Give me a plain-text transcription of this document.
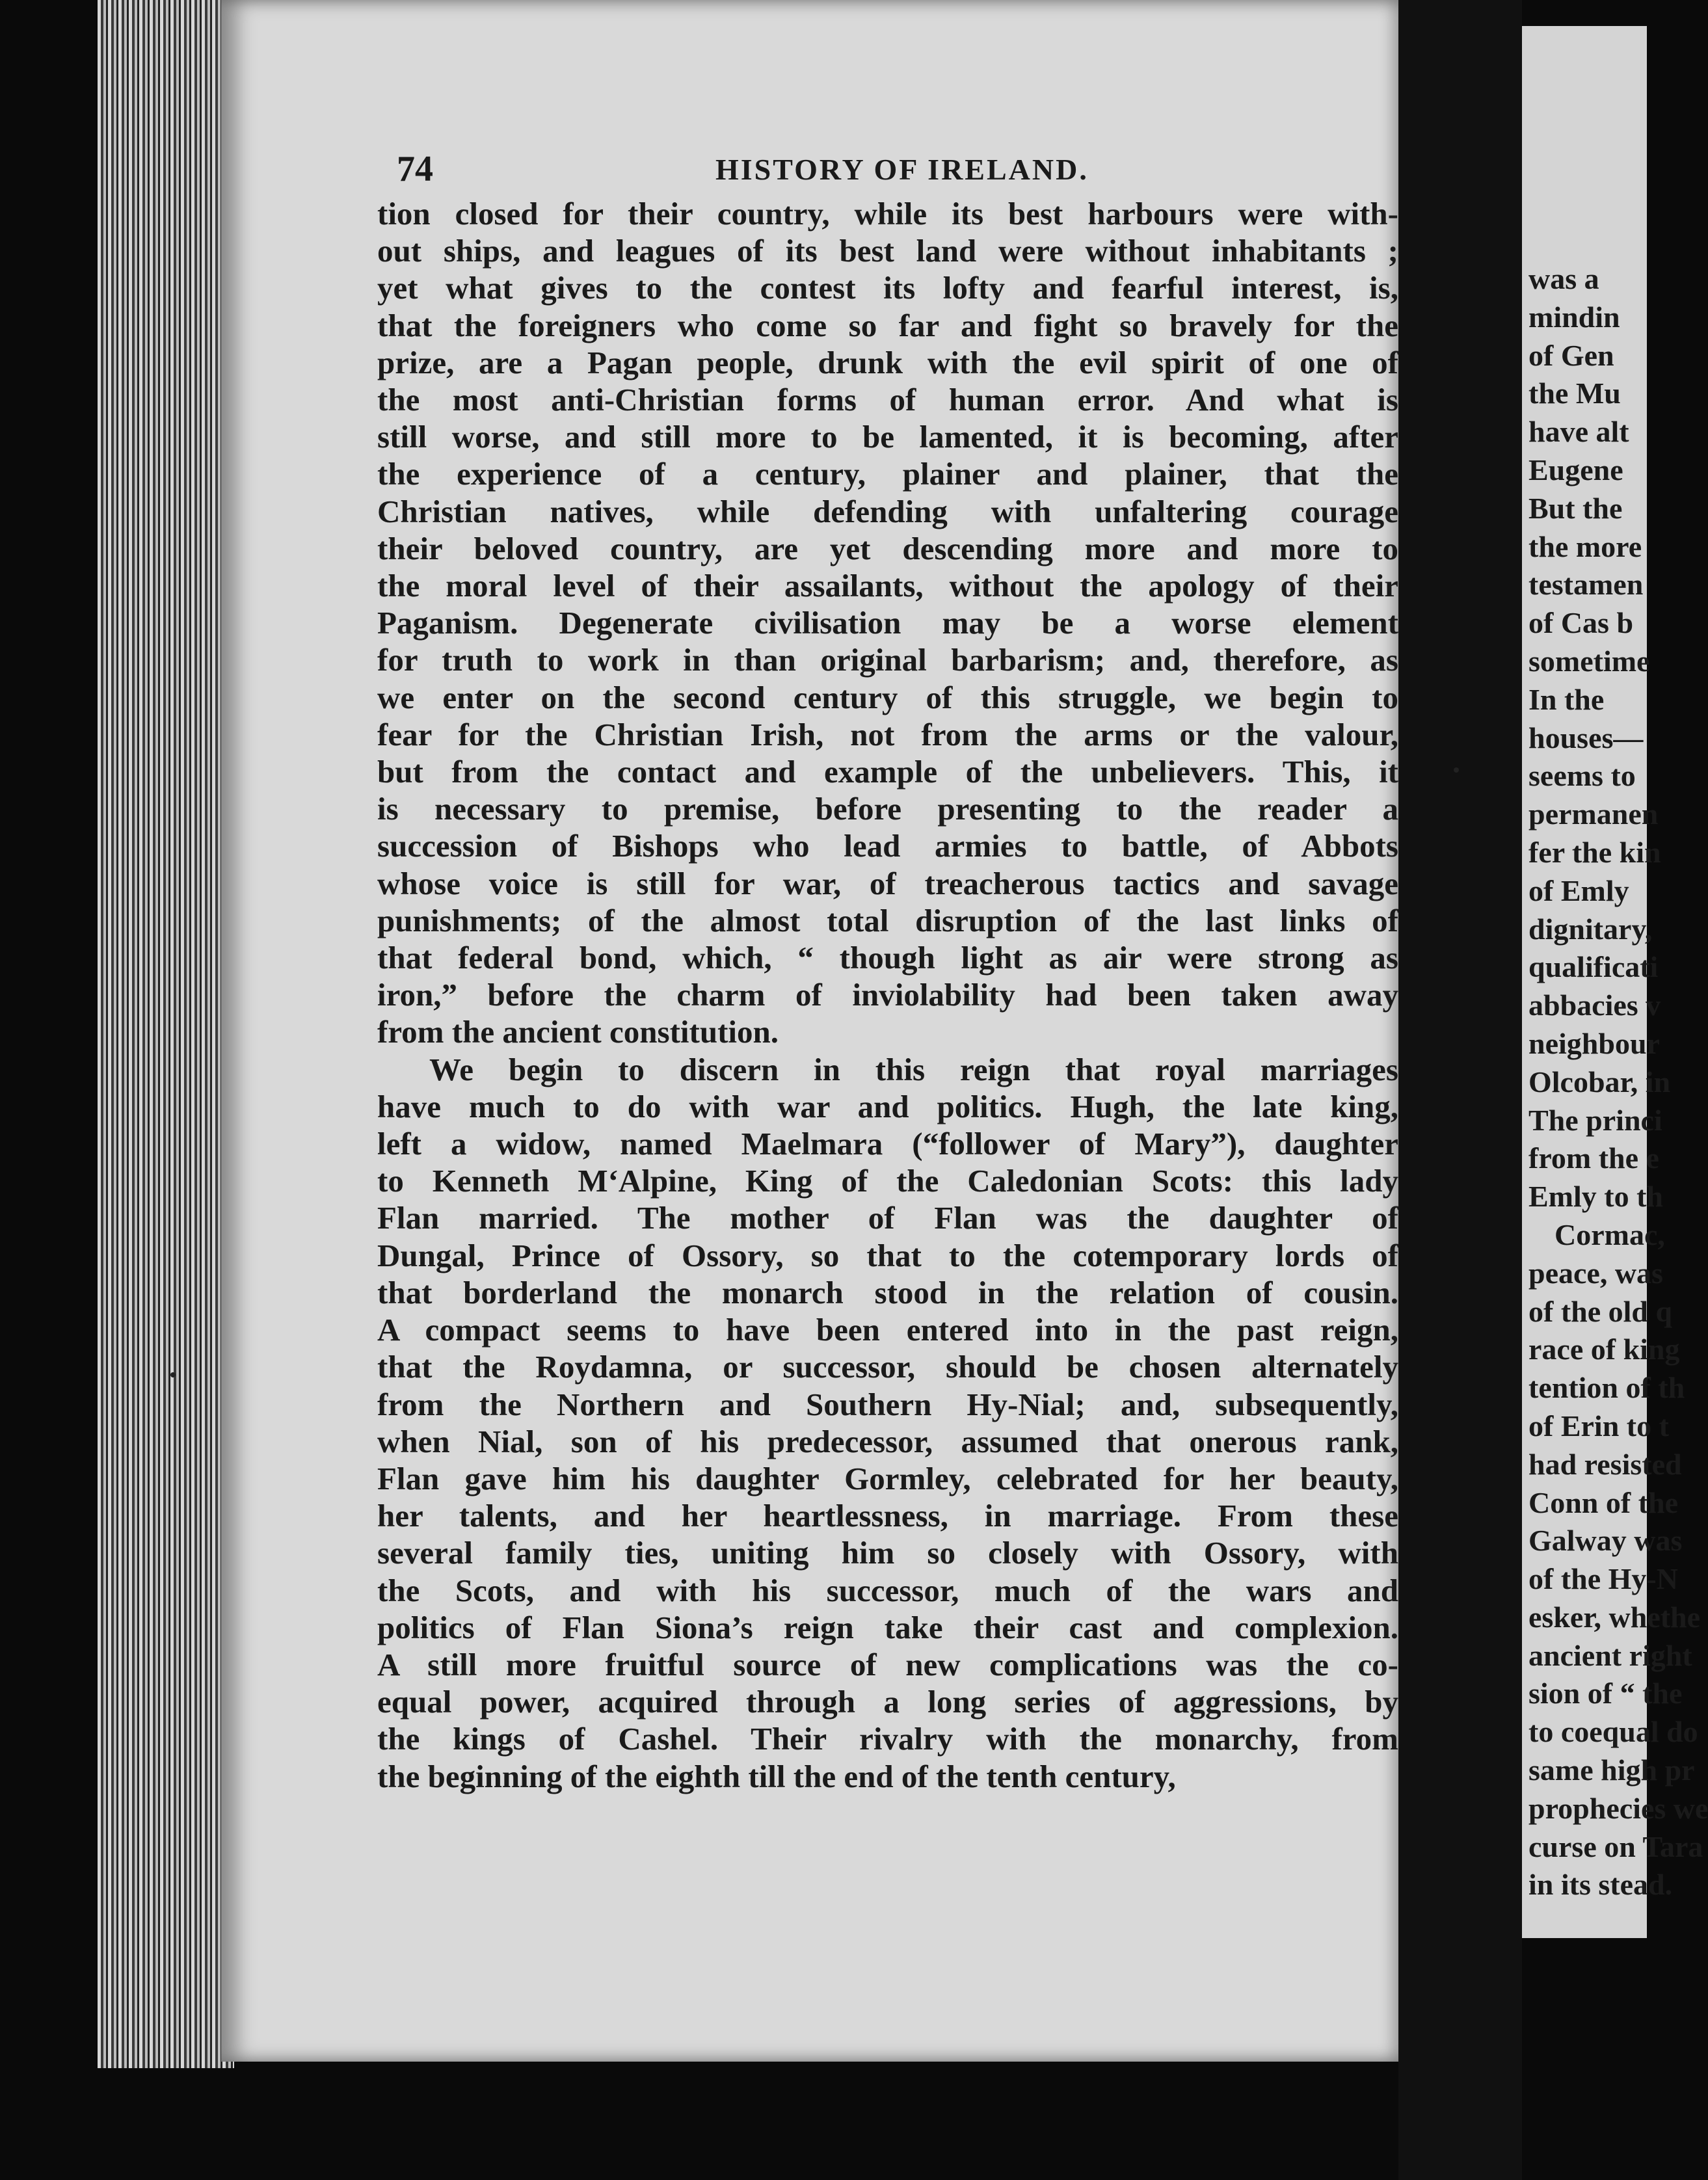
74	HISTORY OF IRELAND.
tion closed for their country, while its best harbours were with-
out ships, and leagues of its best land were without inhabitants ;
yet what gives to the contest its lofty and fearful interest, is,
that the foreigners who come so far and fight so bravely for the
prize, are a Pagan people, drunk with the evil spirit of one of
the most anti-Christian forms of human error. And what is
still worse, and still more to be lamented, it is becoming, after
the experience of a century, plainer and plainer, that the
Christian natives, while defending with unfaltering courage
their beloved country, are yet descending more and more to
the moral level of their assailants, without the apology of their
Paganism. Degenerate civilisation may be a worse element
for truth to work in than original barbarism; and, therefore, as
we enter on the second century of this struggle, we begin to
fear for the Christian Irish, not from the arms or the valour,
but from the contact and example of the unbelievers. This, it
is necessary to premise, before presenting to the reader a
succession of Bishops who lead armies to battle, of Abbots
whose voice is still for war, of treacherous tactics and savage
punishments; of the almost total disruption of the last links of
that federal bond, which, “ though light as air were strong as
iron,” before the charm of inviolability had been taken away
from the ancient constitution.
We begin to discern in this reign that royal marriages
have much to do with war and politics. Hugh, the late king,
left a widow, named Maelmara (“follower of Mary”), daughter
to Kenneth M‘Alpine, King of the Caledonian Scots: this lady
Flan married. The mother of Flan was the daughter of
Dungal, Prince of Ossory, so that to the cotemporary lords of
that borderland the monarch stood in the relation of cousin.
A compact seems to have been entered into in the past reign,
that the Roydamna, or successor, should be chosen alternately
from the Northern and Southern Hy-Nial; and, subsequently,
when Nial, son of his predecessor, assumed that onerous rank,
Flan gave him his daughter Gormley, celebrated for her beauty,
her talents, and her heartlessness, in marriage. From these
several family ties, uniting him so closely with Ossory, with
the Scots, and with his successor, much of the wars and
politics of Flan Siona’s reign take their cast and complexion.
A still more fruitful source of new complications was the co-
equal power, acquired through a long series of aggressions, by
the kings of Cashel. Their rivalry with the monarchy, from
the beginning of the eighth till the end of the tenth century,
was a
mindin
of Gen
the Mu
have alt
Eugene
But the
the more
testamen
of Cas b
sometime
In the
houses—
seems to
permanen
fer the kin
of Emly
dignitary,
qualificati
abbacies v
neighbour
Olcobar, in
The princi
from the e
Emly to th
Cormac,
peace, was
of the old q
race of king
tention of th
of Erin to t
had resisted
Conn of the
Galway was
of the Hy-N
esker, whethe
ancient right
sion of “ the
to coequal do
same high pr
prophecies we
curse on Tara
in its stead.
